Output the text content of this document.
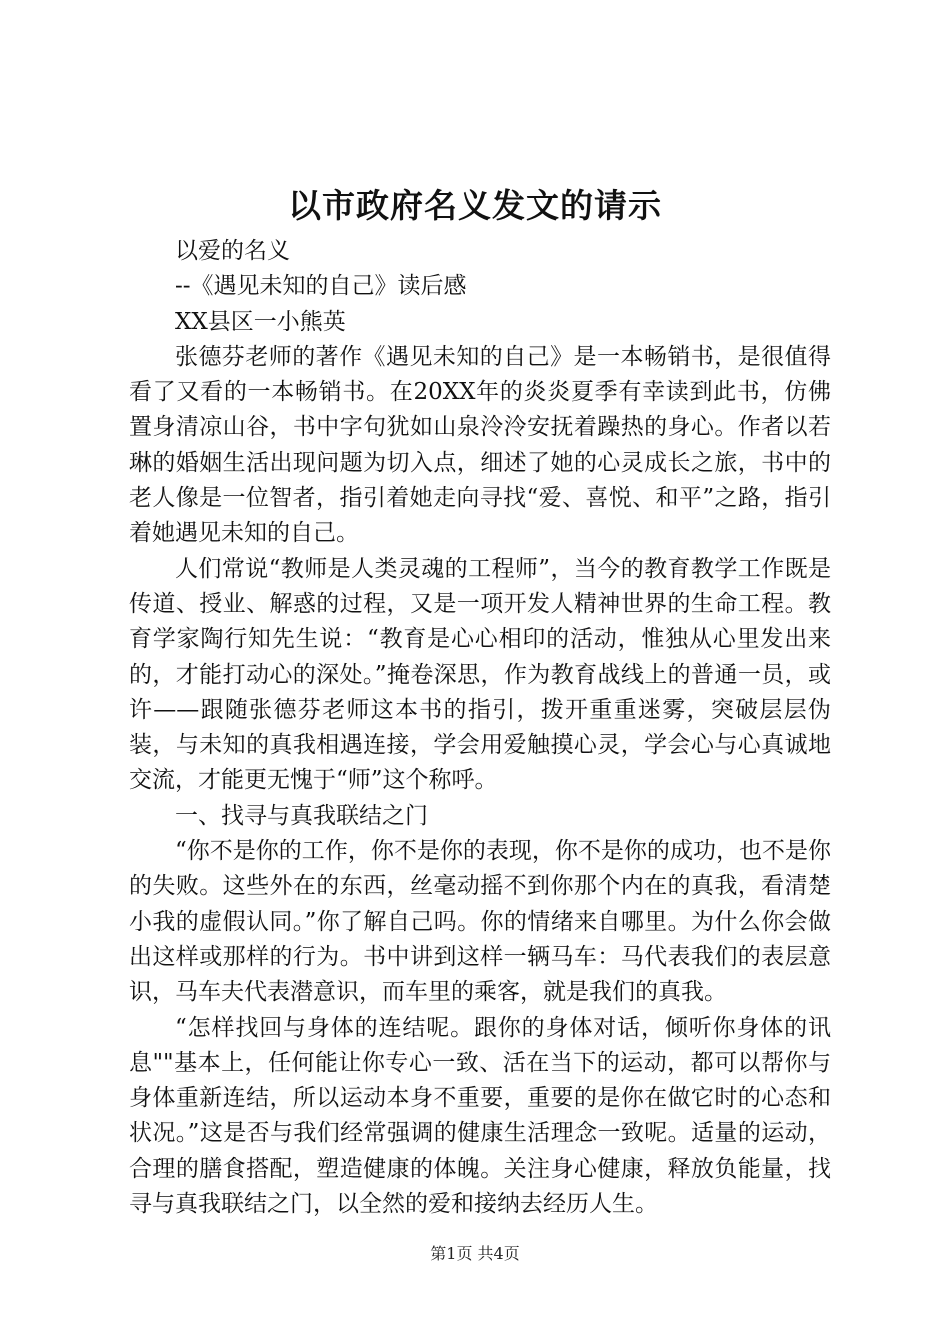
以市政府名义发文的请示

以爱的名义

--《遇见未知的自己》读后感

XX县区一小熊英

张德芬老师的著作《遇见未知的自己》是一本畅销书，是很值得看了又看的一本畅销书。在20XX年的炎炎夏季有幸读到此书，仿佛置身清凉山谷，书中字句犹如山泉泠泠安抚着躁热的身心。作者以若琳的婚姻生活出现问题为切入点，细述了她的心灵成长之旅，书中的老人像是一位智者，指引着她走向寻找“爱、喜悦、和平”之路，指引着她遇见未知的自己。

人们常说“教师是人类灵魂的工程师”，当今的教育教学工作既是传道、授业、解惑的过程，又是一项开发人精神世界的生命工程。教育学家陶行知先生说：“教育是心心相印的活动，惟独从心里发出来的，才能打动心的深处。”掩卷深思，作为教育战线上的普通一员，或许——跟随张德芬老师这本书的指引，拨开重重迷雾，突破层层伪装，与未知的真我相遇连接，学会用爱触摸心灵，学会心与心真诚地交流，才能更无愧于“师”这个称呼。

一、找寻与真我联结之门

“你不是你的工作，你不是你的表现，你不是你的成功，也不是你的失败。这些外在的东西，丝毫动摇不到你那个内在的真我，看清楚小我的虚假认同。”你了解自己吗。你的情绪来自哪里。为什么你会做出这样或那样的行为。书中讲到这样一辆马车：马代表我们的表层意识，马车夫代表潜意识，而车里的乘客，就是我们的真我。

“怎样找回与身体的连结呢。跟你的身体对话，倾听你身体的讯息""基本上，任何能让你专心一致、活在当下的运动，都可以帮你与身体重新连结，所以运动本身不重要，重要的是你在做它时的心态和状况。”这是否与我们经常强调的健康生活理念一致呢。适量的运动，合理的膳食搭配，塑造健康的体魄。关注身心健康，释放负能量，找寻与真我联结之门，以全然的爱和接纳去经历人生。

第1页 共4页
